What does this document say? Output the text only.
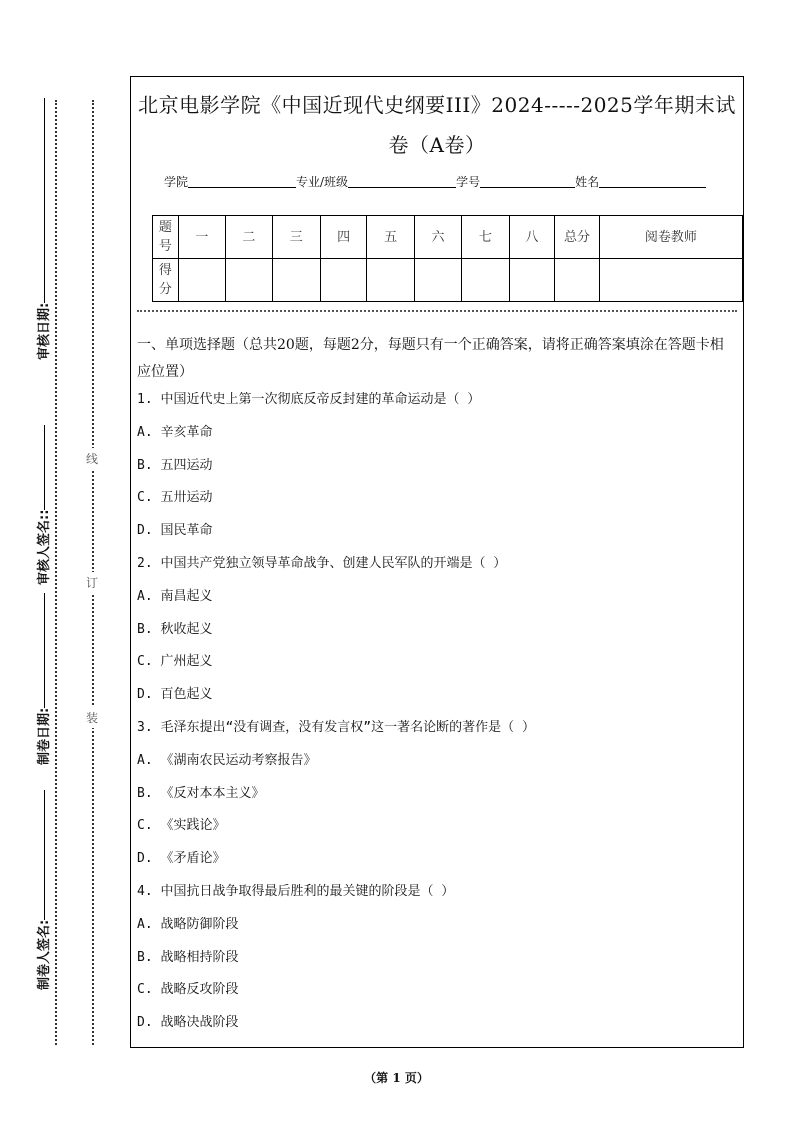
审核日期:
审核人签名::
制卷日期:
制卷人签名:
线
订
装
北京电影学院《中国近现代史纲要III》2024-----2025学年期末试
卷（A卷）
学院	专业/班级	学号	姓名
题号	一	二	三	四	五	六	七	八	总分	阅卷教师
得分										
一、单项选择题（总共20题，每题2分，每题只有一个正确答案，请将正确答案填涂在答题卡相应位置）
1. 中国近代史上第一次彻底反帝反封建的革命运动是（ ）
A. 辛亥革命
B. 五四运动
C. 五卅运动
D. 国民革命
2. 中国共产党独立领导革命战争、创建人民军队的开端是（ ）
A. 南昌起义
B. 秋收起义
C. 广州起义
D. 百色起义
3. 毛泽东提出“没有调查，没有发言权”这一著名论断的著作是（ ）
A. 《湖南农民运动考察报告》
B. 《反对本本主义》
C. 《实践论》
D. 《矛盾论》
4. 中国抗日战争取得最后胜利的最关键的阶段是（ ）
A. 战略防御阶段
B. 战略相持阶段
C. 战略反攻阶段
D. 战略决战阶段
（第 1 页）
